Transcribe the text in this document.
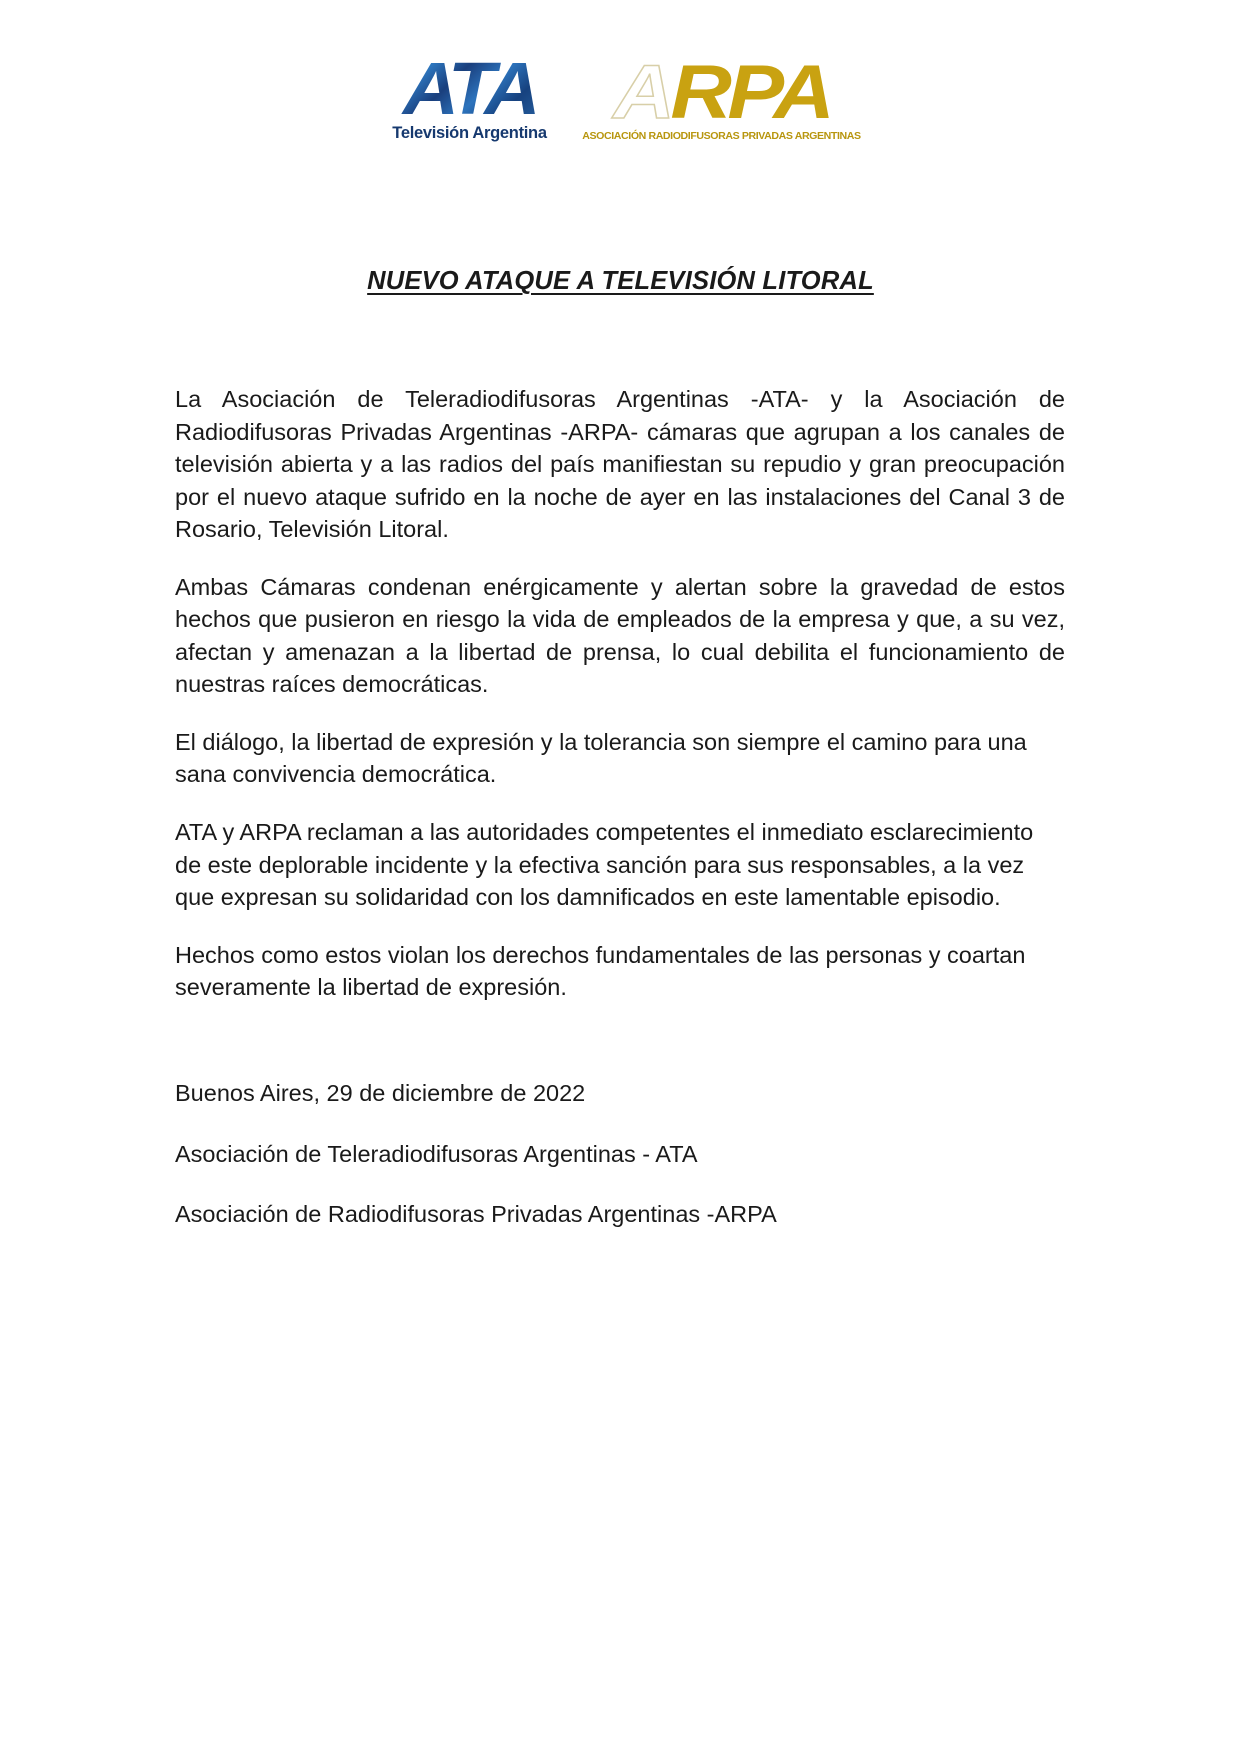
ATA
Televisión Argentina ARPA
ASOCIACIÓN RADIODIFUSORAS PRIVADAS ARGENTINAS
NUEVO ATAQUE A TELEVISIÓN LITORAL

La Asociación de Teleradiodifusoras Argentinas -ATA- y la Asociación de Radiodifusoras Privadas Argentinas -ARPA- cámaras que agrupan a los canales de televisión abierta y a las radios del país manifiestan su repudio y gran preocupación por el nuevo ataque sufrido en la noche de ayer en las instalaciones del Canal 3 de Rosario, Televisión Litoral.

Ambas Cámaras condenan enérgicamente y alertan sobre la gravedad de estos hechos que pusieron en riesgo la vida de empleados de la empresa y que, a su vez, afectan y amenazan a la libertad de prensa, lo cual debilita el funcionamiento de nuestras raíces democráticas.

El diálogo, la libertad de expresión y la tolerancia son siempre el camino para una sana convivencia democrática.

ATA y ARPA reclaman a las autoridades competentes el inmediato esclarecimiento de este deplorable incidente y la efectiva sanción para sus responsables, a la vez que expresan su solidaridad con los damnificados en este lamentable episodio.

Hechos como estos violan los derechos fundamentales de las personas y coartan severamente la libertad de expresión.

Buenos Aires, 29 de diciembre de 2022

Asociación de Teleradiodifusoras Argentinas - ATA

Asociación de Radiodifusoras Privadas Argentinas -ARPA
